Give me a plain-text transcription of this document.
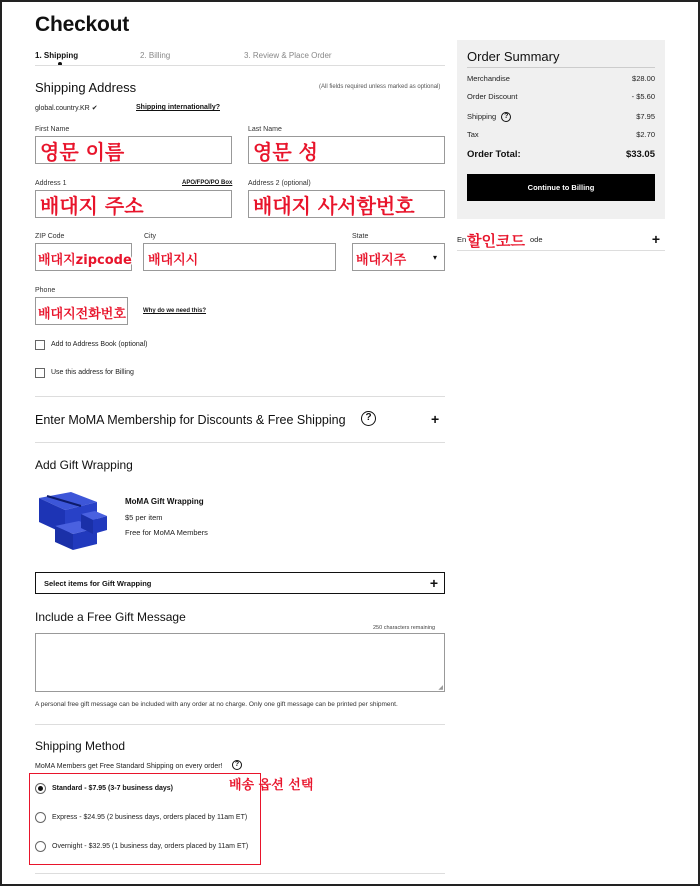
Checkout
1. Shipping	2. Billing	3. Review & Place Order
Shipping Address	(All fields required unless marked as optional)
global.country.KR ✔	Shipping internationally?
First Name
영문 이름
Last Name
영문 성
Address 1	APO/FPO/PO Box
배대지 주소
Address 2 (optional)
배대지 사서함번호
ZIP Code
배대지zipcode
City
배대지시
State
▾
배대지주
Phone
배대지전화번호	Why do we need this?
Add to Address Book (optional)
Use this address for Billing
Enter MoMA Membership for Discounts & Free Shipping	?	+
Add Gift Wrapping
MoMA Gift Wrapping
$5 per item
Free for MoMA Members
Select items for Gift Wrapping	+
Include a Free Gift Message
250 characters remaining
◢
A personal free gift message can be included with any order at no charge. Only one gift message can be printed per shipment.
Shipping Method
MoMA Members get Free Standard Shipping on every order!	?
배송 옵션 선택
Standard - $7.95 (3-7 business days)
Express - $24.95 (2 business days, orders placed by 11am ET)
Overnight - $32.95 (1 business day, orders placed by 11am ET)
Order Summary
Merchandise	$28.00
Order Discount	- $5.60
Shipping ?	$7.95
Tax	$2.70
Order Total:	$33.05
Continue to Billing
En	ode	+
할인코드
